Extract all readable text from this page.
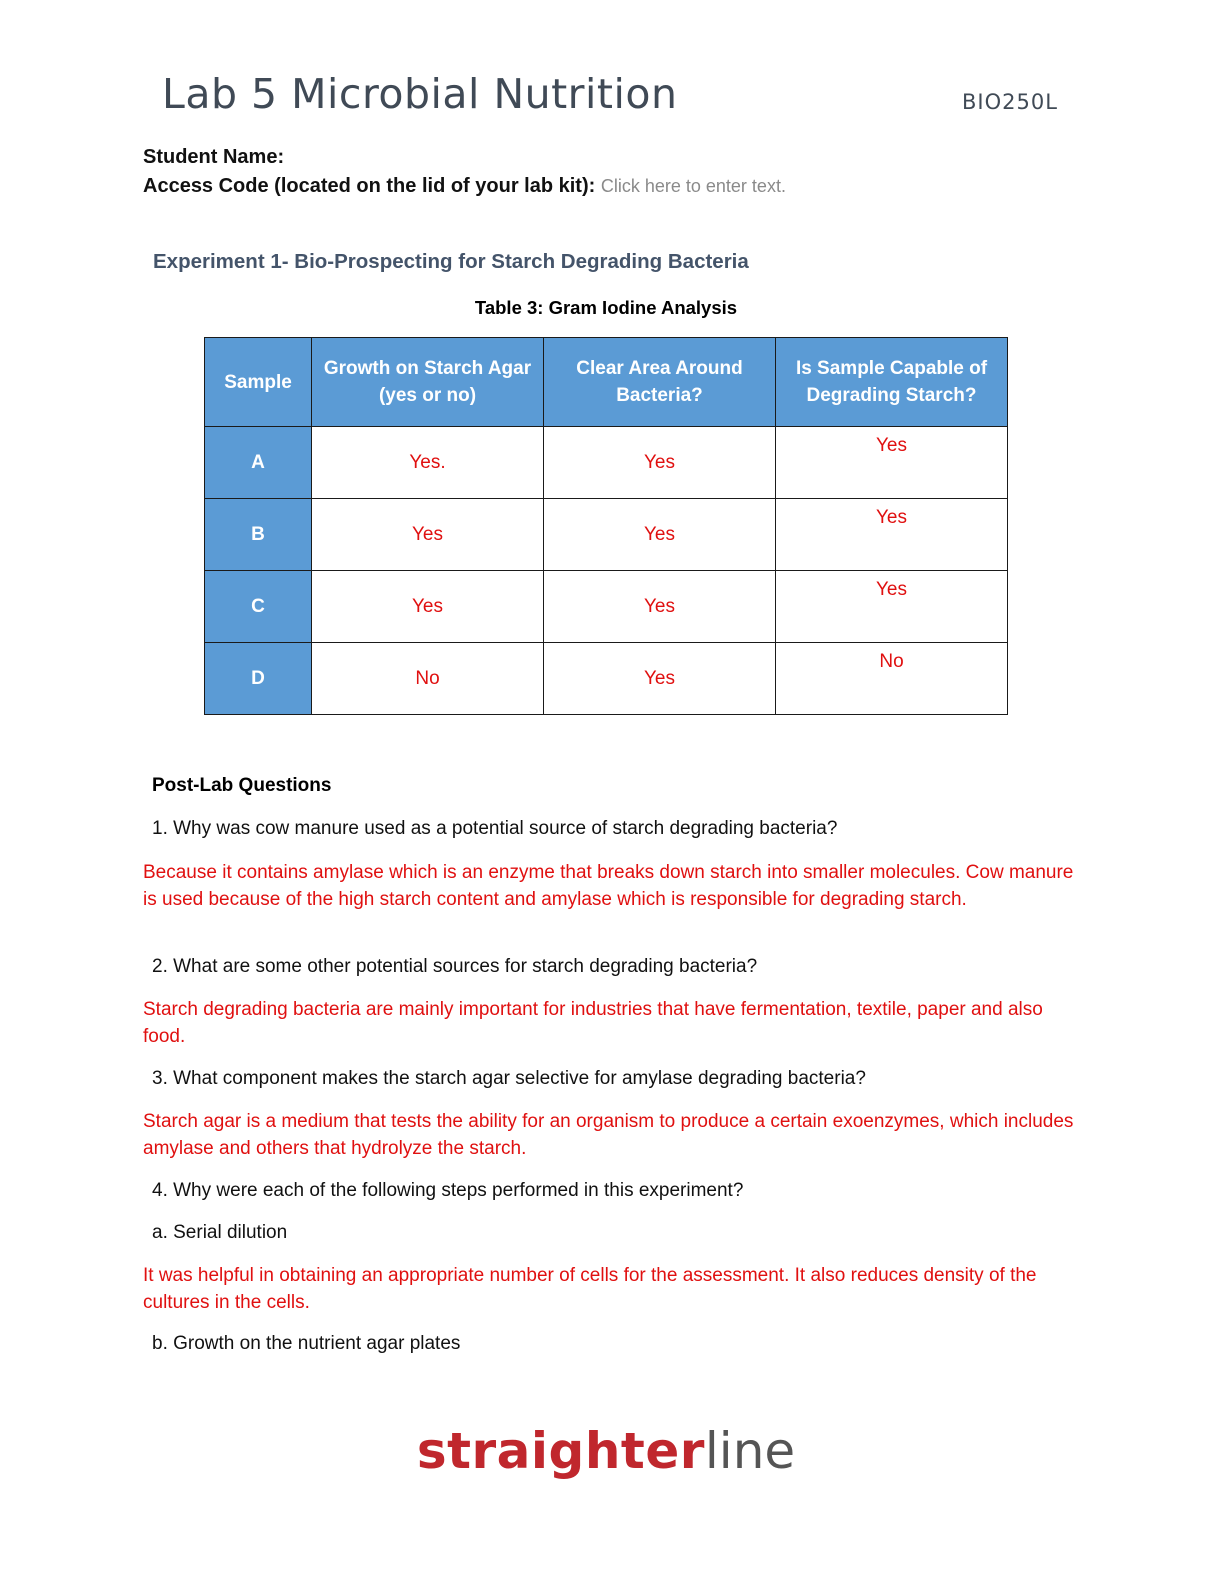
Lab 5 Microbial Nutrition	BIO250L
Student Name:
Access Code (located on the lid of your lab kit): Click here to enter text.
Experiment 1- Bio-Prospecting for Starch Degrading Bacteria
Table 3: Gram Iodine Analysis
Sample	Growth on Starch Agar (yes or no)	Clear Area Around Bacteria?	Is Sample Capable of Degrading Starch?
A	Yes.	Yes	Yes
B	Yes	Yes	Yes
C	Yes	Yes	Yes
D	No	Yes	No
Post-Lab Questions
1. Why was cow manure used as a potential source of starch degrading bacteria?
Because it contains amylase which is an enzyme that breaks down starch into smaller molecules. Cow manure is used because of the high starch content and amylase which is responsible for degrading starch.
2. What are some other potential sources for starch degrading bacteria?
Starch degrading bacteria are mainly important for industries that have fermentation, textile, paper and also food.
3. What component makes the starch agar selective for amylase degrading bacteria?
Starch agar is a medium that tests the ability for an organism to produce a certain exoenzymes, which includes amylase and others that hydrolyze the starch.
4. Why were each of the following steps performed in this experiment?
a. Serial dilution
It was helpful in obtaining an appropriate number of cells for the assessment. It also reduces density of the cultures in the cells.
b. Growth on the nutrient agar plates
straighterline
